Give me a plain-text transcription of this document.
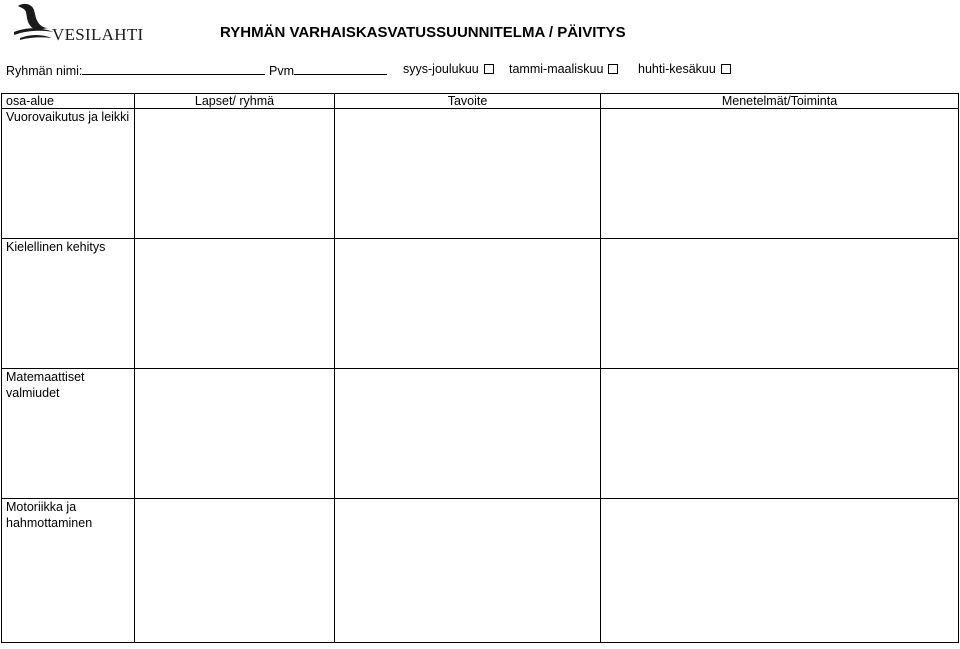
VESILAHTI	RYHMÄN VARHAISKASVATUSSUUNNITELMA / PÄIVITYS
Ryhmän nimi:	Pvm	syys-joulukuu	tammi-maaliskuu	huhti-kesäkuu
osa-alue	Lapset/ ryhmä	Tavoite	Menetelmät/Toiminta
Vuorovaikutus ja leikki			
Kielellinen kehitys			
Matemaattiset valmiudet			
Motoriikka ja hahmottaminen			
